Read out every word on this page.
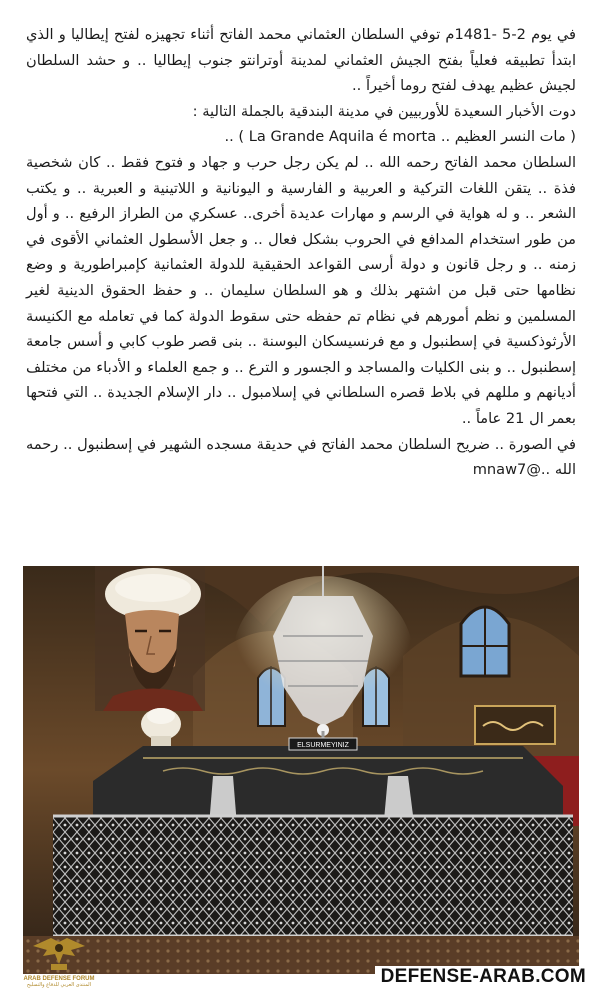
في يوم 2-5 -1481م توفي السلطان العثماني محمد الفاتح أثناء تجهيزه لفتح إيطاليا و الذي ابتدأ تطبيقه فعلياً بفتح الجيش العثماني لمدينة أوترانتو جنوب إيطاليا .. و حشد السلطان لجيش عظيم يهدف لفتح روما أخيراً ..

دوت الأخبار السعيدة للأوربيين في مدينة البندقية بالجملة التالية :

( مات النسر العظيم .. La Grande Aquila é morta ) ..

السلطان محمد الفاتح رحمه الله .. لم يكن رجل حرب و جهاد و فتوح فقط .. كان شخصية فذة .. يتقن اللغات التركية و العربية و الفارسية و اليونانية و اللاتينية و العبرية .. و يكتب الشعر .. و له هواية في الرسم و مهارات عديدة أخرى.. عسكري من الطراز الرفيع .. و أول من طور استخدام المدافع في الحروب بشكل فعال .. و جعل الأسطول العثماني الأقوى في زمنه .. و رجل قانون و دولة أرسى القواعد الحقيقية للدولة العثمانية كإمبراطورية و وضع نظامها حتى قبل من اشتهر بذلك و هو السلطان سليمان .. و حفظ الحقوق الدينية لغير المسلمين و نظم أمورهم في نظام تم حفظه حتى سقوط الدولة كما في تعامله مع الكنيسة الأرثوذكسية في إسطنبول و مع فرنسيسكان البوسنة .. بنى قصر طوب كابي و أسس جامعة إسطنبول .. و بنى الكليات والمساجد و الجسور و الترع .. و جمع العلماء و الأدباء من مختلف أديانهم و مللهم في بلاط قصره السلطاني في إسلامبول .. دار الإسلام الجديدة .. التي فتحها بعمر ال 21 عاماً ..

في الصورة .. ضريح السلطان محمد الفاتح في حديقة مسجده الشهير في إسطنبول .. رحمه الله ..@mnaw7

ELSURMEYINIZ
ARAB DEFENSE FORUM
المنتدى العربي للدفاع والتسليح	DEFENSE-ARAB.COM
